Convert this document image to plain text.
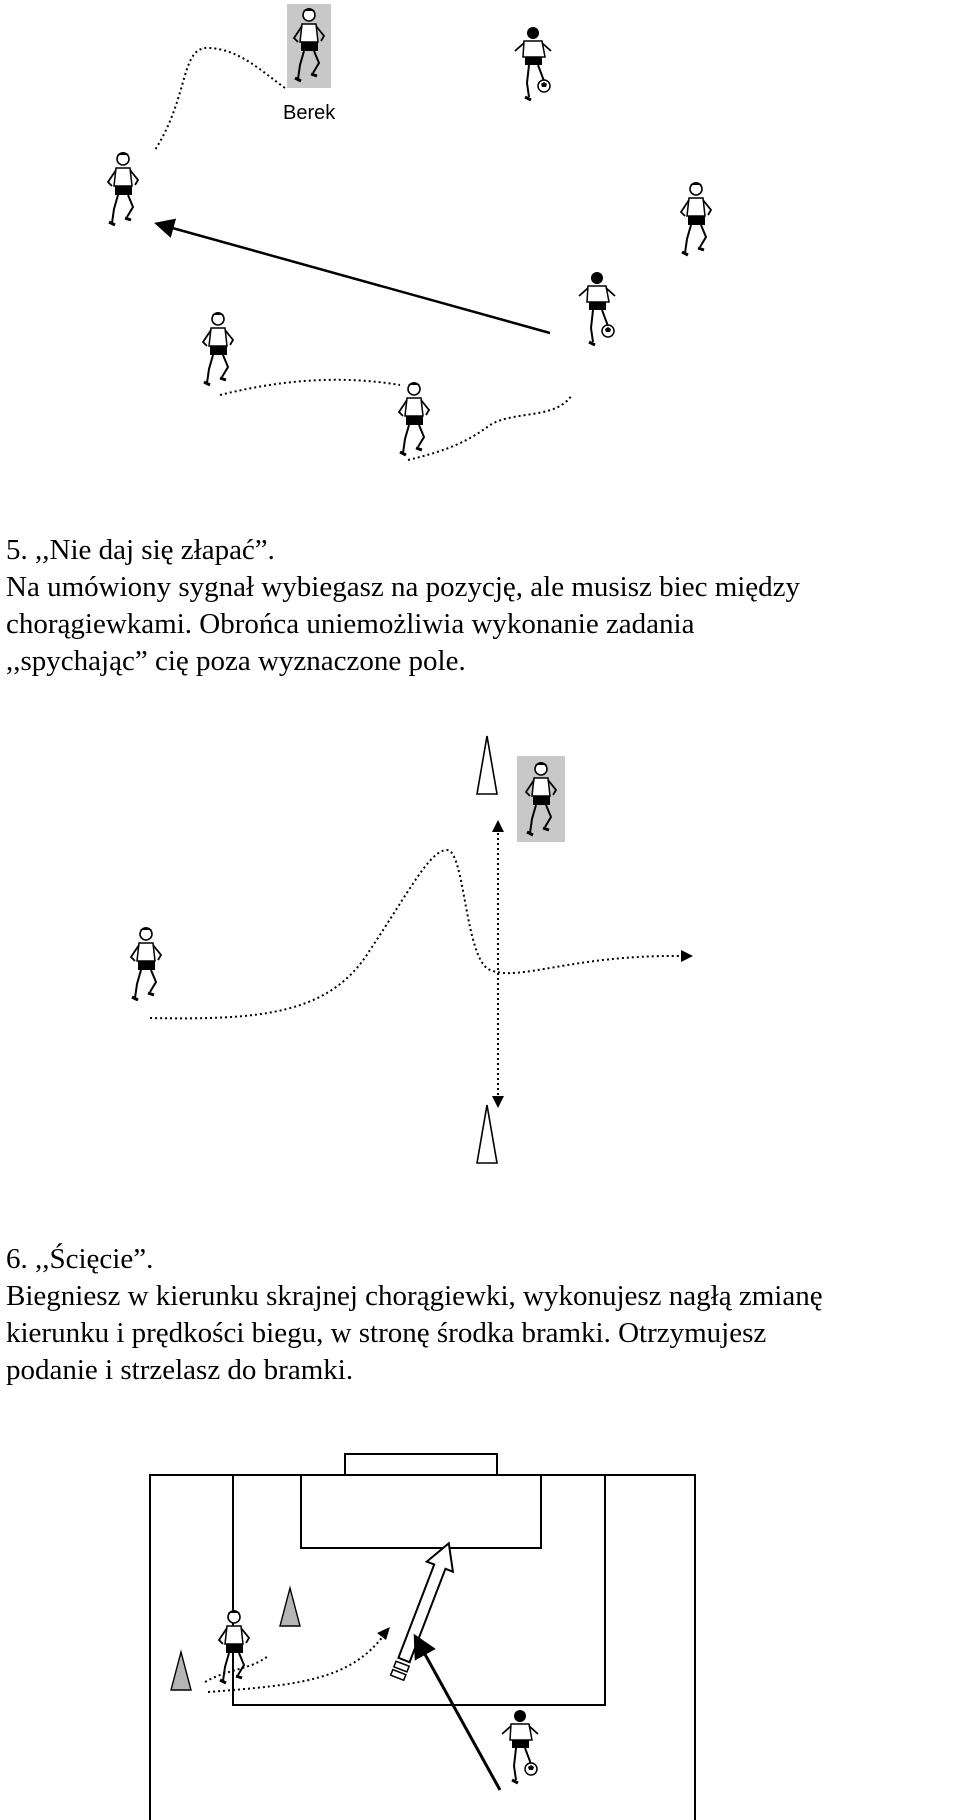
Berek

5. ,,Nie daj się złapać”.

Na umówiony sygnał wybiegasz na pozycję, ale musisz biec między

chorągiewkami. Obrońca uniemożliwia wykonanie zadania

,,spychając” cię poza wyznaczone pole.

6. ,,Ścięcie”.

Biegniesz w kierunku skrajnej chorągiewki, wykonujesz nagłą zmianę

kierunku i prędkości biegu, w stronę środka bramki. Otrzymujesz

podanie i strzelasz do bramki.
